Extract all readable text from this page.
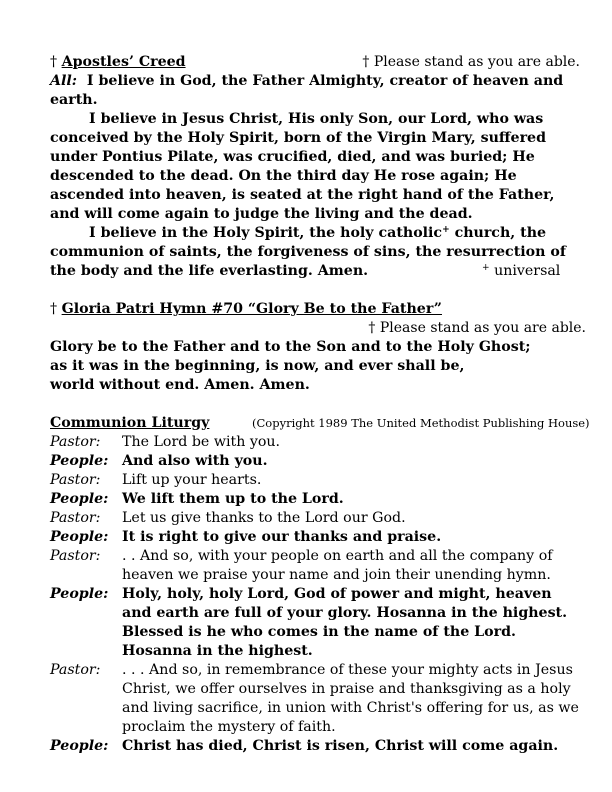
† Apostles’ Creed	† Please stand as you are able.
All: I believe in God, the Father Almighty, creator of heaven and
earth.
I believe in Jesus Christ, His only Son, our Lord, who was
conceived by the Holy Spirit, born of the Virgin Mary, suffered
under Pontius Pilate, was crucified, died, and was buried; He
descended to the dead. On the third day He rose again; He
ascended into heaven, is seated at the right hand of the Father,
and will come again to judge the living and the dead.
I believe in the Holy Spirit, the holy catholic+ church, the
communion of saints, the forgiveness of sins, the resurrection of
the body and the life everlasting. Amen.	+ universal
† Gloria Patri Hymn #70 “Glory Be to the Father”
† Please stand as you are able.
Glory be to the Father and to the Son and to the Holy Ghost;
as it was in the beginning, is now, and ever shall be,
world without end. Amen. Amen.
Communion Liturgy	(Copyright 1989 The United Methodist Publishing House)
Pastor:	The Lord be with you.
People: And also with you.
Pastor:	Lift up your hearts.
People: We lift them up to the Lord.
Pastor:	Let us give thanks to the Lord our God.
People: It is right to give our thanks and praise.
Pastor:	. . And so, with your people on earth and all the company of
heaven we praise your name and join their unending hymn.
People: Holy, holy, holy Lord, God of power and might, heaven
and earth are full of your glory. Hosanna in the highest.
Blessed is he who comes in the name of the Lord.
Hosanna in the highest.
Pastor:	. . . And so, in remembrance of these your mighty acts in Jesus
Christ, we offer ourselves in praise and thanksgiving as a holy
and living sacrifice, in union with Christ's offering for us, as we
proclaim the mystery of faith.
People: Christ has died, Christ is risen, Christ will come again.
